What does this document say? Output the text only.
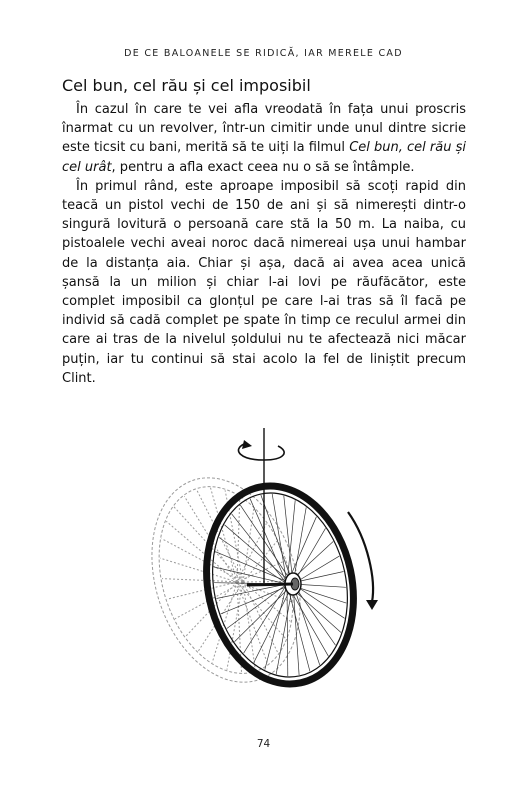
DE CE BALOANELE SE RIDICĂ, IAR MERELE CAD
Cel bun, cel rău și cel imposibil

În cazul în care te vei afla vreodată în fața unui proscris înarmat cu un revolver, într-un cimitir unde unul dintre sicrie este ticsit cu bani, merită să te uiți la filmul Cel bun, cel rău și cel urât, pentru a afla exact ceea nu o să se întâmple.

În primul rând, este aproape imposibil să scoți rapid din teacă un pistol vechi de 150 de ani și să nimerești dintr-o singură lovitură o persoană care stă la 50 m. La naiba, cu pistoalele vechi aveai noroc dacă nimereai ușa unui hambar de la distanța aia. Chiar și așa, dacă ai avea acea unică șansă la un milion și chiar l-ai lovi pe răufăcător, este complet imposibil ca glonțul pe care l-ai tras să îl facă pe individ să cadă complet pe spate în timp ce reculul armei din care ai tras de la nivelul șoldului nu te afectează nici măcar puțin, iar tu continui să stai acolo la fel de liniștit precum Clint.

74
